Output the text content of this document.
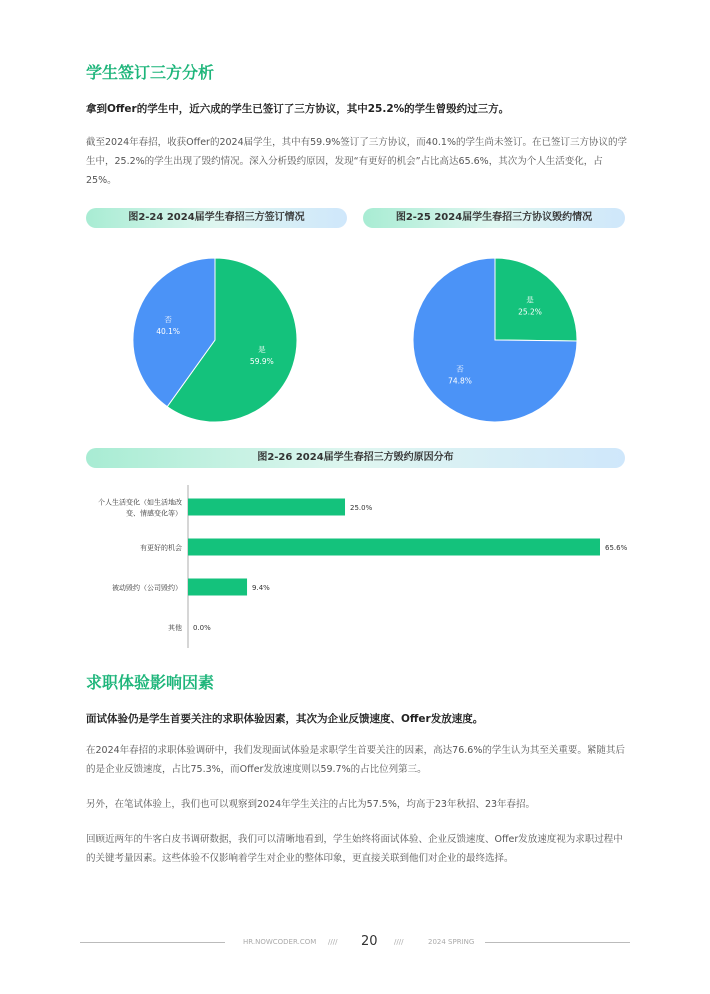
学生签订三方分析
拿到Offer的学生中，近六成的学生已签订了三方协议，其中25.2%的学生曾毁约过三方。
截至2024年春招，收获Offer的2024届学生，其中有59.9%签订了三方协议，而40.1%的学生尚未签订。在已签订三方协议的学生中，25.2%的学生出现了毁约情况。深入分析毁约原因，发现“有更好的机会”占比高达65.6%，其次为个人生活变化，占25%。
图2-24 2024届学生春招三方签订情况	图2-25 2024届学生春招三方协议毁约情况
是
59.9%
否
40.1%
是
25.2%
否
74.8%
图2-26 2024届学生春招三方毁约原因分布
25.0%
个人生活变化（如生活地改
变、情感变化等）
65.6%
有更好的机会
9.4%
被动毁约（公司毁约）
0.0%
其他
求职体验影响因素
面试体验仍是学生首要关注的求职体验因素，其次为企业反馈速度、Offer发放速度。
在2024年春招的求职体验调研中，我们发现面试体验是求职学生首要关注的因素，高达76.6%的学生认为其至关重要。紧随其后的是企业反馈速度，占比75.3%，而Offer发放速度则以59.7%的占比位列第三。
另外，在笔试体验上，我们也可以观察到2024年学生关注的占比为57.5%，均高于23年秋招、23年春招。
回顾近两年的牛客白皮书调研数据，我们可以清晰地看到，学生始终将面试体验、企业反馈速度、Offer发放速度视为求职过程中的关键考量因素。这些体验不仅影响着学生对企业的整体印象，更直接关联到他们对企业的最终选择。
HR.NOWCODER.COM //// 20 ////	2024 SPRING
